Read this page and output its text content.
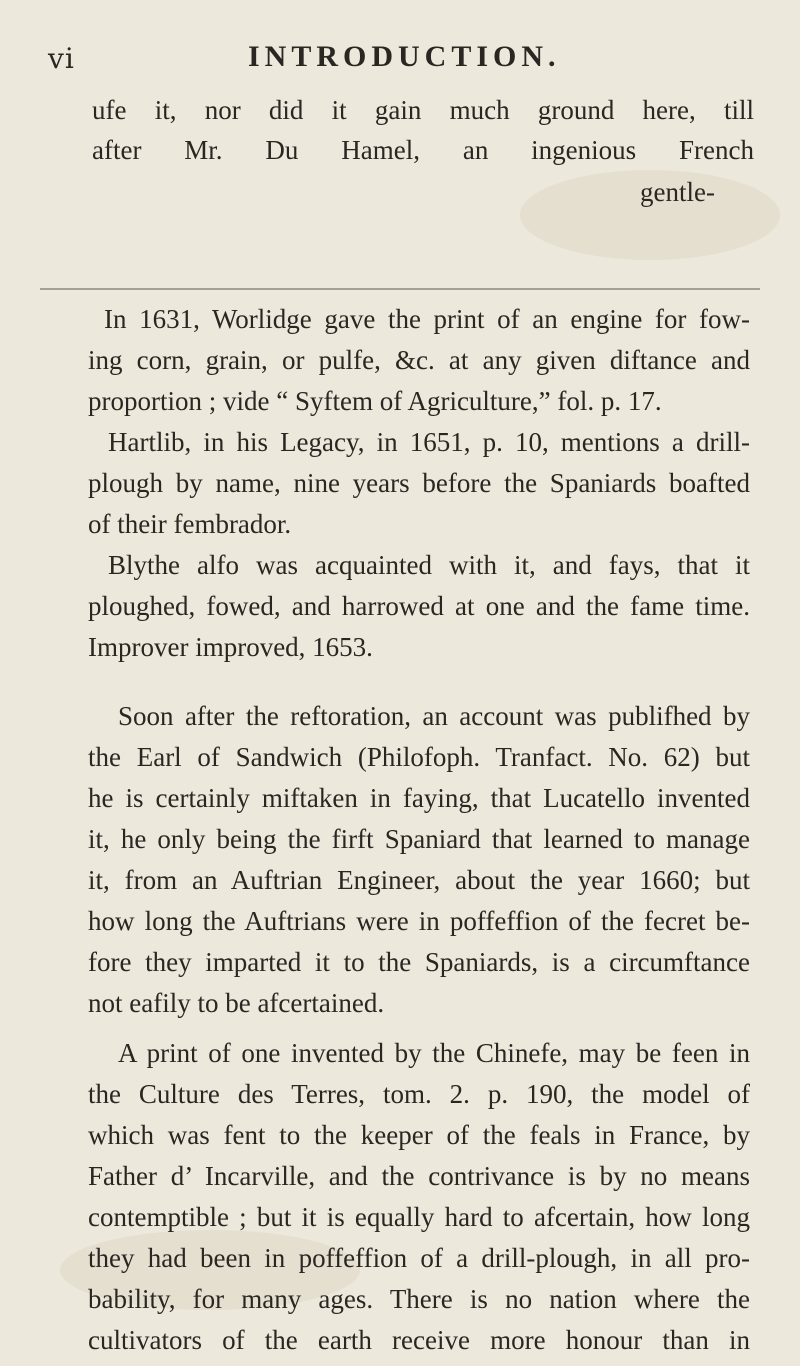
vi	INTRODUCTION.
ufe it, nor did it gain much ground here, till
after Mr. Du Hamel, an ingenious French
gentle-
In 1631, Worlidge gave the print of an engine for fow-
ing corn, grain, or pulfe, &c. at any given diftance and
proportion ; vide “ Syftem of Agriculture,” fol. p. 17.
Hartlib, in his Legacy, in 1651, p. 10, mentions a drill-
plough by name, nine years before the Spaniards boafted
of their fembrador.
Blythe alfo was acquainted with it, and fays, that it
ploughed, fowed, and harrowed at one and the fame time.
Improver improved, 1653.
Soon after the reftoration, an account was publifhed by
the Earl of Sandwich (Philofoph. Tranfact. No. 62) but
he is certainly miftaken in faying, that Lucatello invented
it, he only being the firft Spaniard that learned to manage
it, from an Auftrian Engineer, about the year 1660; but
how long the Auftrians were in poffeffion of the fecret be-
fore they imparted it to the Spaniards, is a circumftance
not eafily to be afcertained.
A print of one invented by the Chinefe, may be feen in
the Culture des Terres, tom. 2. p. 190, the model of
which was fent to the keeper of the feals in France, by
Father d’ Incarville, and the contrivance is by no means
contemptible ; but it is equally hard to afcertain, how long
they had been in poffeffion of a drill-plough, in all pro-
bability, for many ages. There is no nation where the
cultivators of the earth receive more honour than in
